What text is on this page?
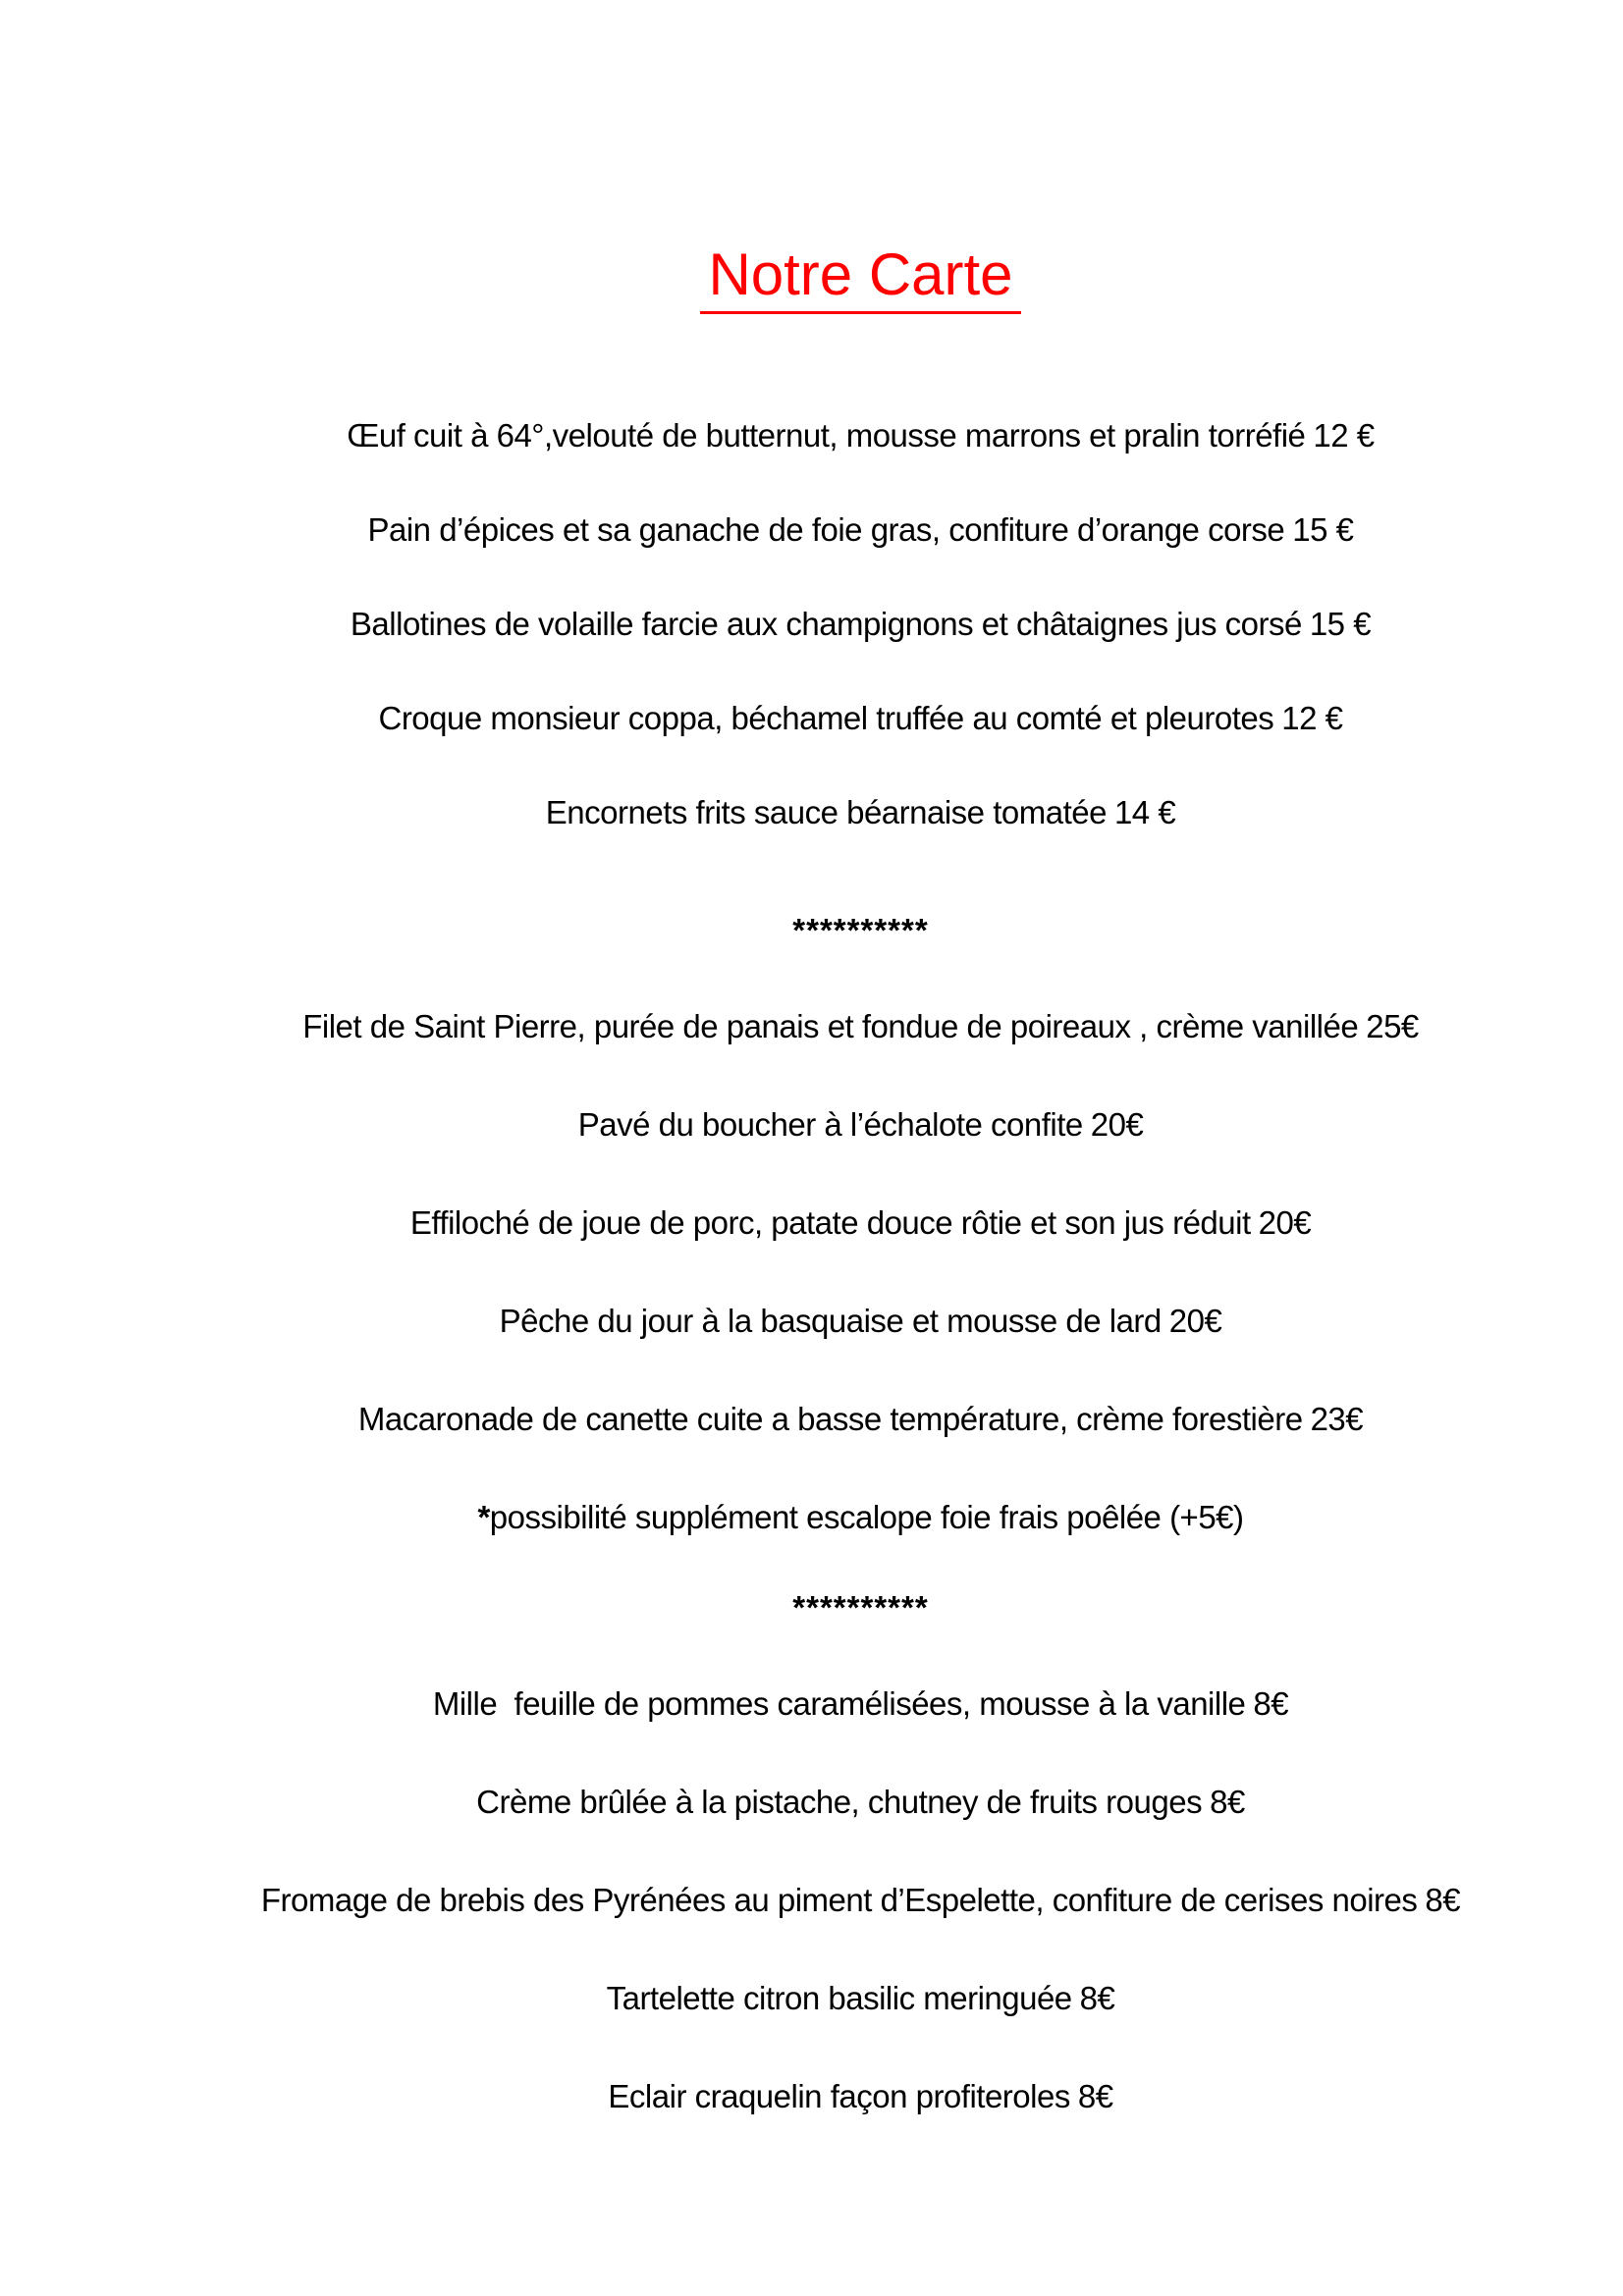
Notre Carte
Œuf cuit à 64°,velouté de butternut, mousse marrons et pralin torréfié 12 €
Pain d’épices et sa ganache de foie gras, confiture d’orange corse 15 €
Ballotines de volaille farcie aux champignons et châtaignes jus corsé 15 €
Croque monsieur coppa, béchamel truffée au comté et pleurotes 12 €
Encornets frits sauce béarnaise tomatée 14 €
**********
Filet de Saint Pierre, purée de panais et fondue de poireaux , crème vanillée 25€
Pavé du boucher à l’échalote confite 20€
Effiloché de joue de porc, patate douce rôtie et son jus réduit 20€
Pêche du jour à la basquaise et mousse de lard 20€
Macaronade de canette cuite a basse température, crème forestière 23€
*possibilité supplément escalope foie frais poêlée (+5€)
**********
Mille  feuille de pommes caramélisées, mousse à la vanille 8€
Crème brûlée à la pistache, chutney de fruits rouges 8€
Fromage de brebis des Pyrénées au piment d’Espelette, confiture de cerises noires 8€
Tartelette citron basilic meringuée 8€
Eclair craquelin façon profiteroles 8€
